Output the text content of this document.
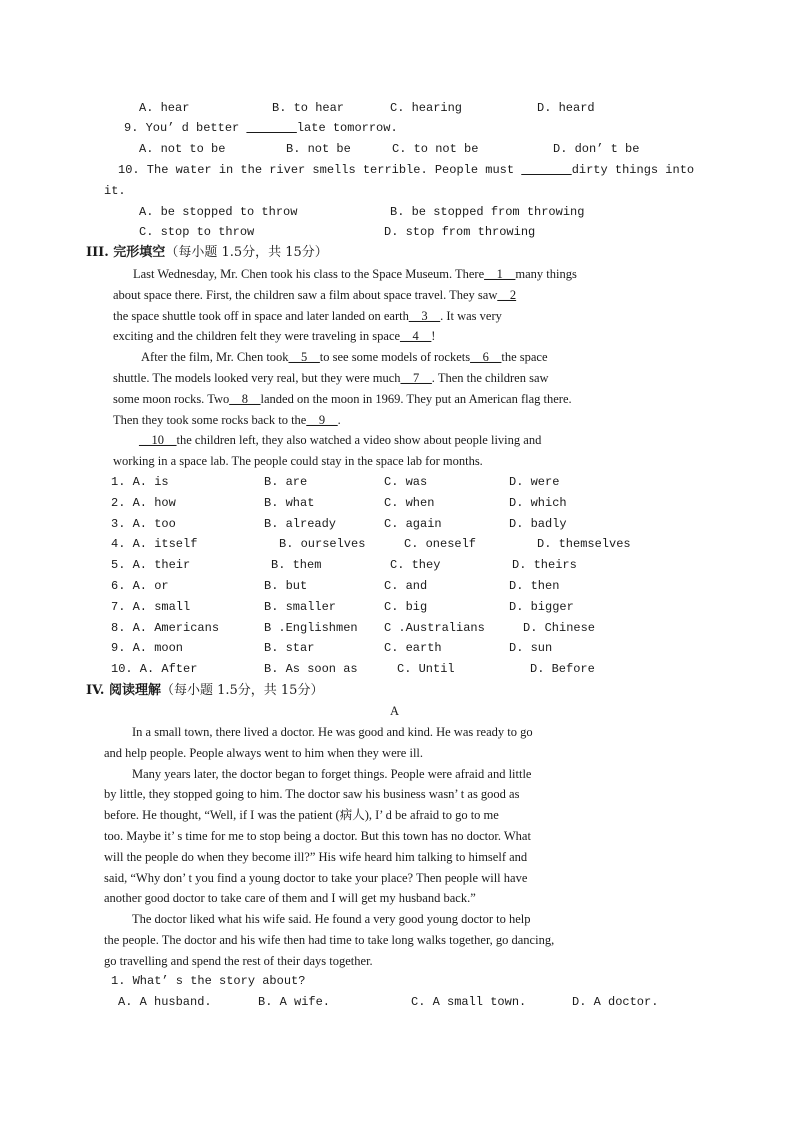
A. hear	B. to hear	C. hearing	D. heard
9. You’ d better	late tomorrow.
A. not to be	B. not be	C. to not be	D. don’ t be
10. The water in the river smells terrible. People must	dirty things into
it.
A. be stopped to throw	B. be stopped from throwing
C. stop to throw	D. stop from throwing
III. 完形填空（每小题 1.5分，共 15分）
Last Wednesday, Mr. Chen took his class to the Space Museum. There__1__many things
about space there. First, the children saw a film about space travel. They saw__2
the space shuttle took off in space and later landed on earth__3__. It was very
exciting and the children felt they were traveling in space__4__!
After the film, Mr. Chen took__5__to see some models of rockets__6__the space
shuttle. The models looked very real, but they were much__7__. Then the children saw
some moon rocks. Two__8__landed on the moon in 1969. They put an American flag there.
Then they took some rocks back to the__9__.
__10__the children left, they also watched a video show about people living and
working in a space lab. The people could stay in the space lab for months.
1. A. is	B. are	C. was	D. were
2. A. how	B. what	C. when	D. which
3. A. too	B. already	C. again	D. badly
4. A. itself	B. ourselves	C. oneself	D. themselves
5. A. their	B. them	C. they	D. theirs
6. A. or	B. but	C. and	D. then
7. A. small	B. smaller	C. big	D. bigger
8. A. Americans	B .Englishmen C .Australians	D. Chinese
9. A. moon	B. star	C. earth	D. sun
10. A. After	B. As soon as	C. Until	D. Before
IV. 阅读理解（每小题 1.5分，共 15分）
A
In a small town, there lived a doctor. He was good and kind. He was ready to go
and help people. People always went to him when they were ill.
Many years later, the doctor began to forget things. People were afraid and little
by little, they stopped going to him. The doctor saw his business wasn’ t as good as
before. He thought, “Well, if I was the patient (病人), I’ d be afraid to go to me
too. Maybe it’ s time for me to stop being a doctor. But this town has no doctor. What
will the people do when they become ill?” His wife heard him talking to himself and
said, “Why don’ t you find a young doctor to take your place? Then people will have
another good doctor to take care of them and I will get my husband back.”
The doctor liked what his wife said. He found a very good young doctor to help
the people. The doctor and his wife then had time to take long walks together, go dancing,
go travelling and spend the rest of their days together.
1. What’ s the story about?
A. A husband.	B. A wife.	C. A small town.	D. A doctor.
